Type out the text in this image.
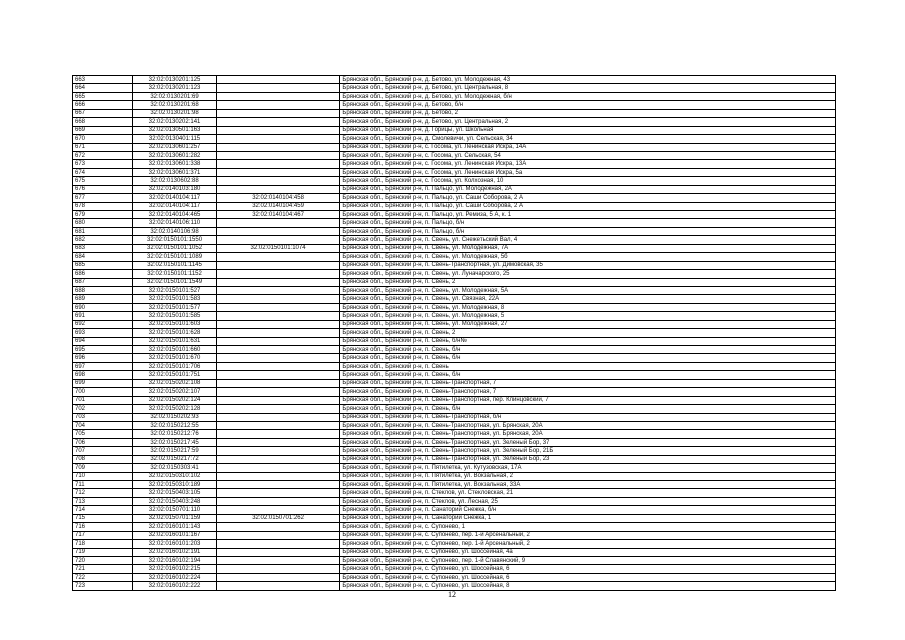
663	32:02:0130201:125		Брянская обл., Брянский р-н, д. Бетово, ул. Молодежная, 43
664	32:02:0130201:123		Брянская обл., Брянский р-н, д. Бетово, ул. Центральная, 8
665	32:02:0130201:69		Брянская обл., Брянский р-н, д. Бетово, ул. Молодежная, б/н
666	32:02:0130201:68		Брянская обл., Брянский р-н, д. Бетово, б/н
667	32:02:0130201:98		Брянская обл., Брянский р-н, д. Бетово, 2
668	32:02:0130202:141		Брянская обл., Брянский р-н, д. Бетово, ул. Центральная, 2
669	32:02:0130501:163		Брянская обл., Брянский р-н, д. Горицы, ул. Школьная
670	32:02:0130401:115		Брянская обл., Брянский р-н, д. Смолевичи, ул. Сельская, 34
671	32:02:0130601:257		Брянская обл., Брянский р-н, с. Госома, ул. Ленинская Искра, 14А
672	32:02:0130601:282		Брянская обл., Брянский р-н, с. Госома, ул. Сельская, 54
673	32:02:0130601:338		Брянская обл., Брянский р-н, с. Госома, ул. Ленинская Искра, 13А
674	32:02:0130601:371		Брянская обл., Брянский р-н, с. Госома, ул. Ленинская Искра, 5а
675	32:02:0130602:88		Брянская обл., Брянский р-н, с. Госома, ул. Колхозная, 10
676	32:02:0140103:180		Брянская обл., Брянский р-н, п. Пальцо, ул. Молодежная, 2А
677	32:02:0140104:117	32:02:0140104:458	Брянская обл., Брянский р-н, п. Пальцо, ул. Саши Соборова, 2 А
678	32:02:0140104:117	32:02:0140104:459	Брянская обл., Брянский р-н, п. Пальцо, ул. Саши Соборова, 2 А
679	32:02:0140104:465	32:02:0140104:467	Брянская обл., Брянский р-н, п. Пальцо, ул. Ремиза, 5 А, к. 1
680	32:02:0140106:110		Брянская обл., Брянский р-н, п. Пальцо, б/н
681	32:02:0140106:98		Брянская обл., Брянский р-н, п. Пальцо, б/н
682	32:02:0150101:1550		Брянская обл., Брянский р-н, п. Свень, ул. Снежетьский Вал, 4
683	32:02:0150101:1052	32:02:0150101:1074	Брянская обл., Брянский р-н, п. Свень, ул. Молодежная, 7А
684	32:02:0150101:1089		Брянская обл., Брянский р-н, п. Свень, ул. Молодежная, 5б
685	32:02:0150101:1145		Брянская обл., Брянский р-н, п. Свень-Транспортная, ул. Димовская, 35
686	32:02:0150101:1152		Брянская обл., Брянский р-н, п. Свень, ул. Луначарского, 25
687	32:02:0150101:1549		Брянская обл., Брянский р-н, п. Свень, 2
688	32:02:0150101:527		Брянская обл., Брянский р-н, п. Свень, ул. Молодежная, 5А
689	32:02:0150101:583		Брянская обл., Брянский р-н, п. Свень, ул. Связная, 22А
690	32:02:0150101:577		Брянская обл., Брянский р-н, п. Свень, ул. Молодежная, 8
691	32:02:0150101:585		Брянская обл., Брянский р-н, п. Свень, ул. Молодежная, 5
692	32:02:0150101:603		Брянская обл., Брянский р-н, п. Свень, ул. Молодежная, 27
693	32:02:0150101:628		Брянская обл., Брянский р-н, п. Свень, 2
694	32:02:0150101:631		Брянская обл., Брянский р-н, п. Свень, б/н№
695	32:02:0150101:660		Брянская обл., Брянский р-н, п. Свень, б/н
696	32:02:0150101:670		Брянская обл., Брянский р-н, п. Свень, б/н
697	32:02:0150101:706		Брянская обл., Брянский р-н, п. Свень
698	32:02:0150101:751		Брянская обл., Брянский р-н, п. Свень, б/н
699	32:02:0150202:108		Брянская обл., Брянский р-н, п. Свень-Транспортная, 7
700	32:02:0150202:107		Брянская обл., Брянский р-н, п. Свень-Транспортная, 7
701	32:02:0150202:124		Брянская обл., Брянский р-н, п. Свень-Транспортная, пер. Клинцовский, 7
702	32:02:0150202:128		Брянская обл., Брянский р-н, п. Свень, б/н
703	32:02:0150202:93		Брянская обл., Брянский р-н, п. Свень-Транспортная, б/н
704	32:02:0150212:55		Брянская обл., Брянский р-н, п. Свень-Транспортная, ул. Брянская, 20А
705	32:02:0150212:76		Брянская обл., Брянский р-н, п. Свень-Транспортная, ул. Брянская, 20А
706	32:02:0150217:45		Брянская обл., Брянский р-н, п. Свень-Транспортная, ул. Зеленый Бор, 37
707	32:02:0150217:59		Брянская обл., Брянский р-н, п. Свень-Транспортная, ул. Зеленый Бор, 21Б
708	32:02:0150217:72		Брянская обл., Брянский р-н, п. Свень-Транспортная, ул. Зеленый Бор, 23
709	32:02:0150303:41		Брянская обл., Брянский р-н, п. Пятилетка, ул. Кутузовская, 17А
710	32:02:0150310:102		Брянская обл., Брянский р-н, п. Пятилетка, ул. Вокзальная, 2
711	32:02:0150310:189		Брянская обл., Брянский р-н, п. Пятилетка, ул. Вокзальная, 33А
712	32:02:0150403:105		Брянская обл., Брянский р-н, п. Стеклов, ул. Стекловская, 21
713	32:02:0150403:248		Брянская обл., Брянский р-н, п. Стеклов, ул. Лесная, 25
714	32:02:0150701:110		Брянская обл., Брянский р-н, п. Санаторий Снежка, б/н
715	32:02:0150701:159	32:02:0150701:262	Брянская обл., Брянский р-н, п. Санаторий Снежка, 1
716	32:02:0160101:143		Брянская обл., Брянский р-н, с. Супонево, 1
717	32:02:0160101:167		Брянская обл., Брянский р-н, с. Супонево, пер. 1-й Арсенальный, 2
718	32:02:0160101:203		Брянская обл., Брянский р-н, с. Супонево, пер. 1-й Арсенальный, 2
719	32:02:0160102:191		Брянская обл., Брянский р-н, с. Супонево, ул. Шоссейная, 4а
720	32:02:0160102:194		Брянская обл., Брянский р-н, с. Супонево, пер. 1-й Славянский, 9
721	32:02:0160102:215		Брянская обл., Брянский р-н, с. Супонево, ул. Шоссейная, 6
722	32:02:0160102:224		Брянская обл., Брянский р-н, с. Супонево, ул. Шоссейная, 6
723	32:02:0160102:222		Брянская обл., Брянский р-н, с. Супонево, ул. Шоссейная, 8
12
